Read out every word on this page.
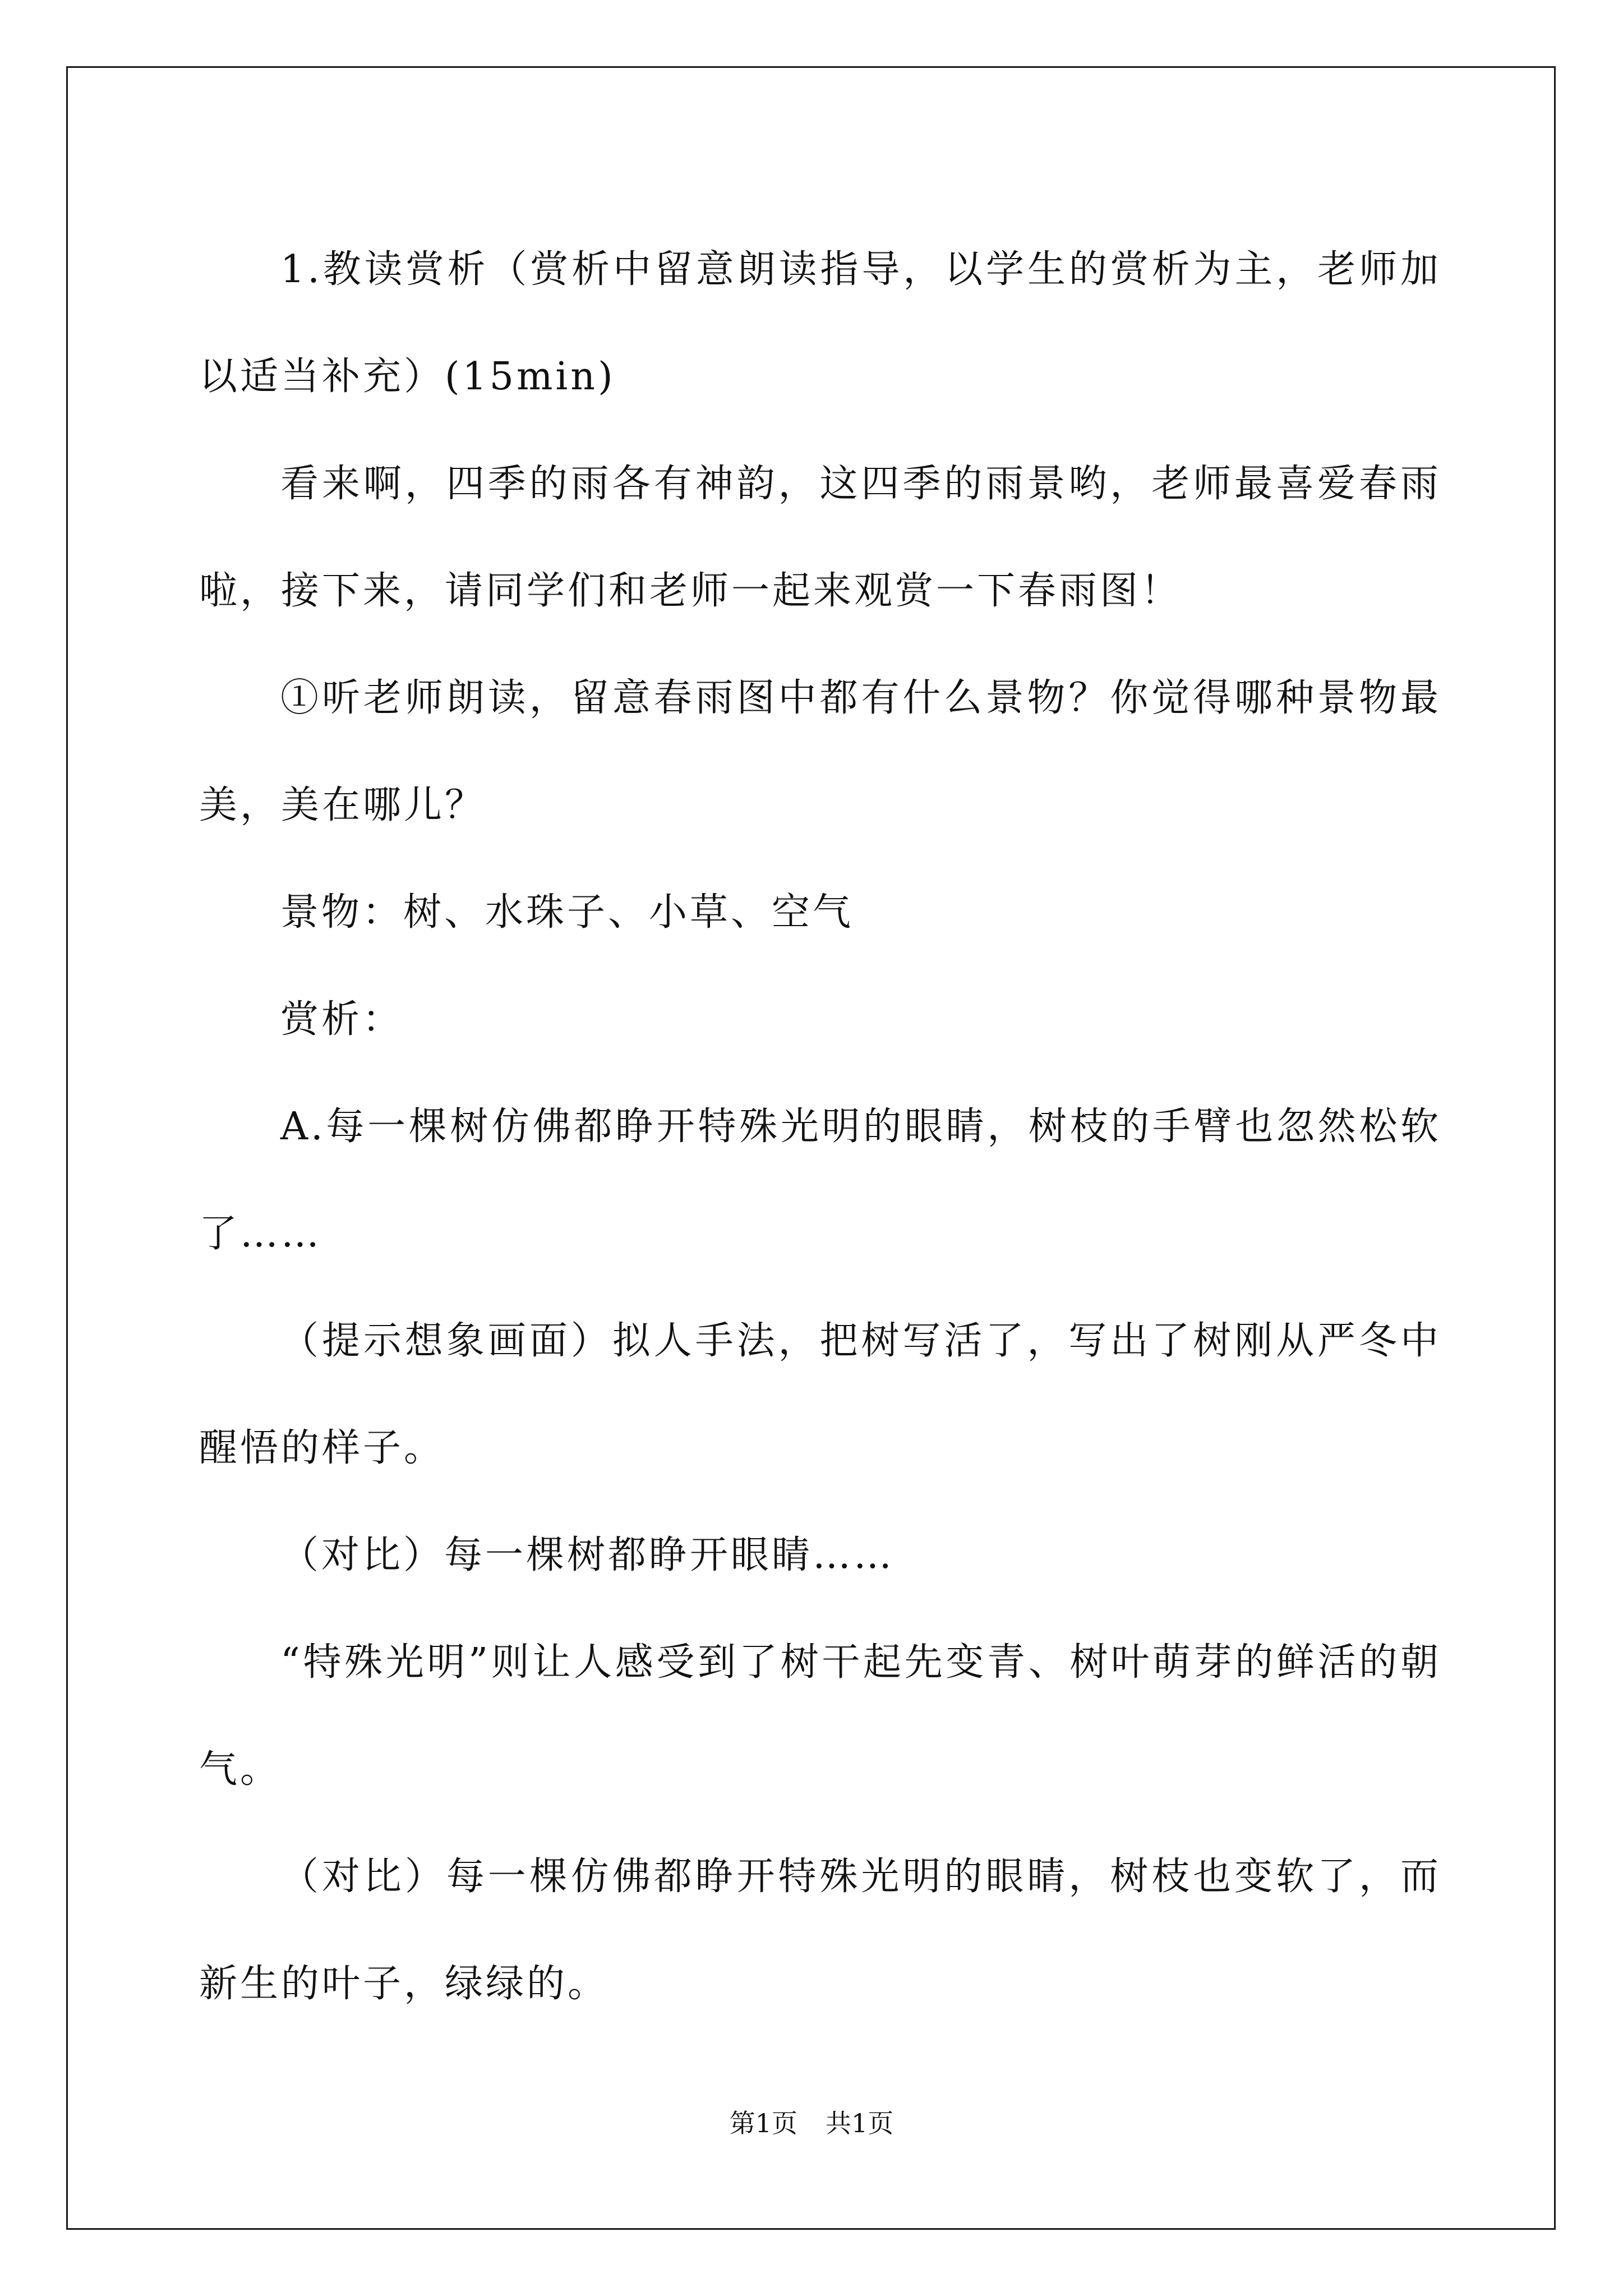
1.教读赏析（赏析中留意朗读指导，以学生的赏析为主，老师加以适当补充）(15min)

看来啊，四季的雨各有神韵，这四季的雨景哟，老师最喜爱春雨啦，接下来，请同学们和老师一起来观赏一下春雨图！

①听老师朗读，留意春雨图中都有什么景物？你觉得哪种景物最美，美在哪儿？

景物：树、水珠子、小草、空气

赏析：

A.每一棵树仿佛都睁开特殊光明的眼睛，树枝的手臂也忽然松软了……

（提示想象画面）拟人手法，把树写活了，写出了树刚从严冬中醒悟的样子。

（对比）每一棵树都睁开眼睛……

“特殊光明”则让人感受到了树干起先变青、树叶萌芽的鲜活的朝气。

（对比）每一棵仿佛都睁开特殊光明的眼睛，树枝也变软了，而新生的叶子，绿绿的。

第1页 共1页
